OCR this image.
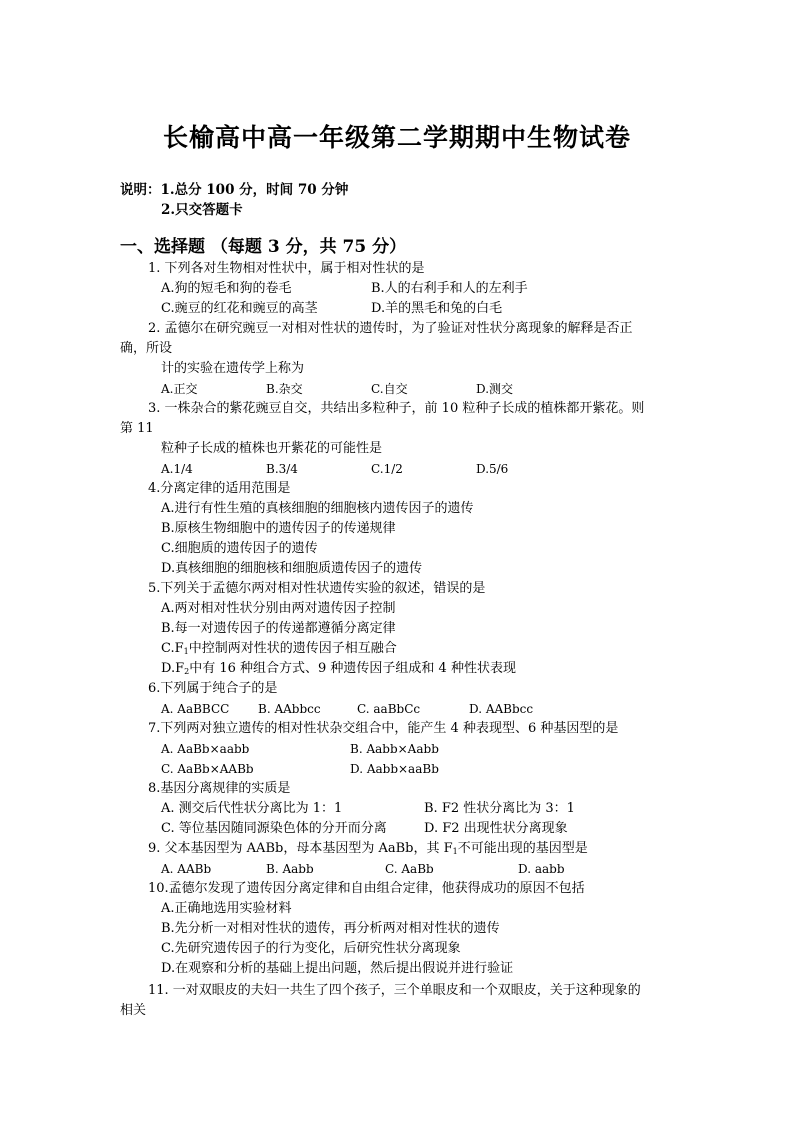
长榆高中高一年级第二学期期中生物试卷
说明：1.总分 100 分，时间 70 分钟
2.只交答题卡
一、选择题 （每题 3 分，共 75 分）
1. 下列各对生物相对性状中，属于相对性状的是
A.狗的短毛和狗的卷毛	B.人的右利手和人的左利手
C.豌豆的红花和豌豆的高茎	D.羊的黑毛和兔的白毛
2. 孟德尔在研究豌豆一对相对性状的遗传时，为了验证对性状分离现象的解释是否正
确，所设
计的实验在遗传学上称为
A.正交	B.杂交	C.自交	D.测交
3. 一株杂合的紫花豌豆自交，共结出多粒种子，前 10 粒种子长成的植株都开紫花。则
第 11
粒种子长成的植株也开紫花的可能性是
A.1/4	B.3/4	C.1/2	D.5/6
4.分离定律的适用范围是
A.进行有性生殖的真核细胞的细胞核内遗传因子的遗传
B.原核生物细胞中的遗传因子的传递规律
C.细胞质的遗传因子的遗传
D.真核细胞的细胞核和细胞质遗传因子的遗传
5.下列关于孟德尔两对相对性状遗传实验的叙述，错误的是
A.两对相对性状分别由两对遗传因子控制
B.每一对遗传因子的传递都遵循分离定律
$C.F_1$中控制两对性状的遗传因子相互融合
$D.F_2$中有 16 种组合方式、9 种遗传因子组成和 4 种性状表现
6.下列属于纯合子的是
A. AaBBCC B. AAbbcc	C. aaBbCc	D. AABbcc
7.下列两对独立遗传的相对性状杂交组合中，能产生 4 种表现型、6 种基因型的是
A. AaBb×aabb	B. Aabb×Aabb
C. AaBb×AABb	D. Aabb×aaBb
8.基因分离规律的实质是
A. 测交后代性状分离比为 1：1	B. F2 性状分离比为 3：1
C. 等位基因随同源染色体的分开而分离	D. F2 出现性状分离现象
9. 父本基因型为 AABb，母本基因型为 AaBb，其 $F_1$不可能出现的基因型是
A. AABb	B. Aabb	C. AaBb	D. aabb
10.孟德尔发现了遗传因分离定律和自由组合定律，他获得成功的原因不包括
A.正确地选用实验材料
B.先分析一对相对性状的遗传，再分析两对相对性状的遗传
C.先研究遗传因子的行为变化，后研究性状分离现象
D.在观察和分析的基础上提出问题，然后提出假说并进行验证
11. 一对双眼皮的夫妇一共生了四个孩子，三个单眼皮和一个双眼皮，关于这种现象的
相关
